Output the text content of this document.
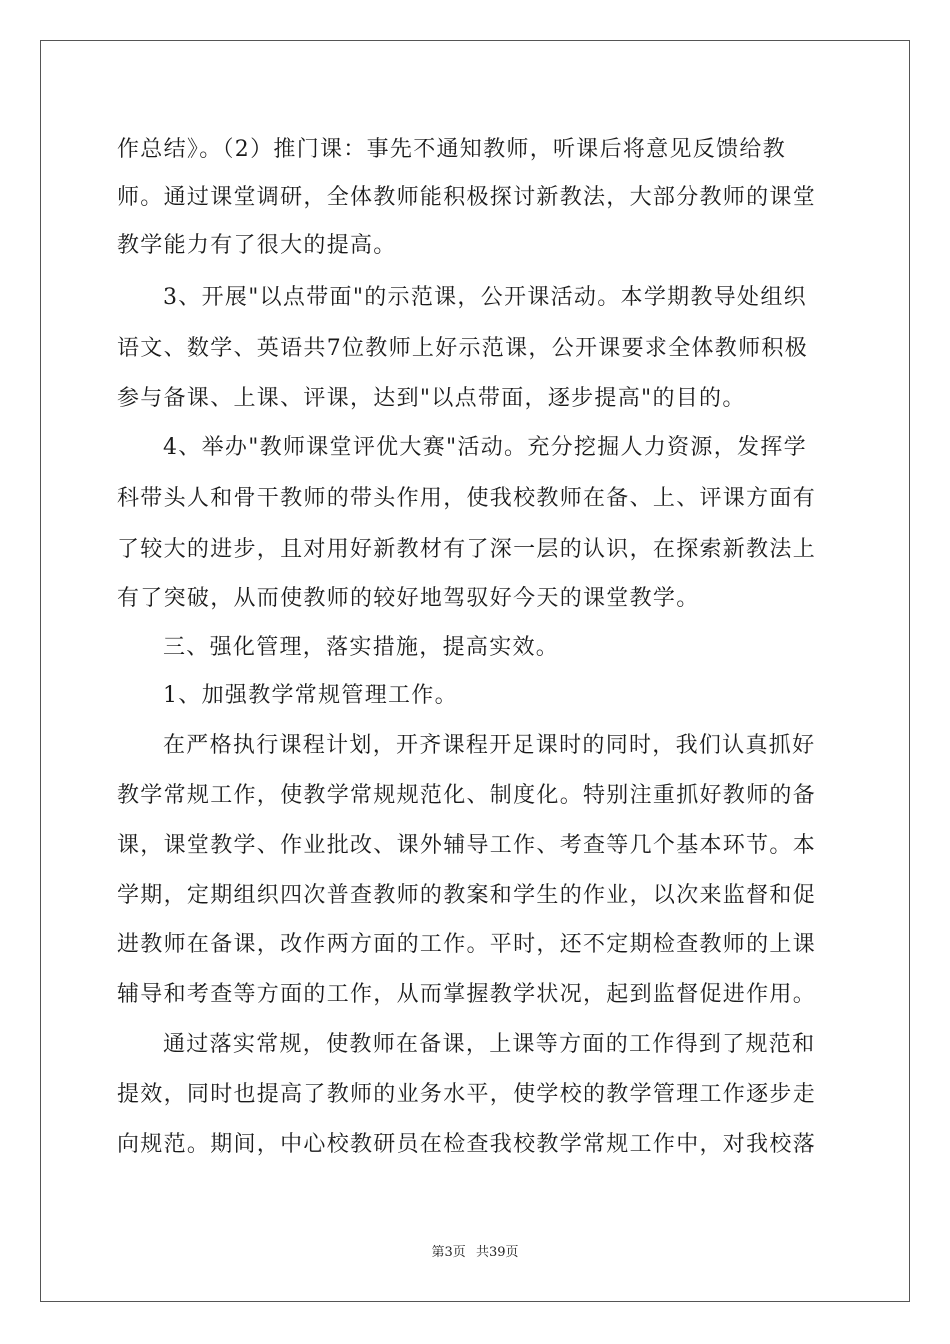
作总结》。（2）推门课：事先不通知教师，听课后将意见反馈给教
师。通过课堂调研，全体教师能积极探讨新教法，大部分教师的课堂
教学能力有了很大的提高。
3、开展"以点带面"的示范课，公开课活动。本学期教导处组织
语文、数学、英语共7位教师上好示范课，公开课要求全体教师积极
参与备课、上课、评课，达到"以点带面，逐步提高"的目的。
4、举办"教师课堂评优大赛"活动。充分挖掘人力资源，发挥学
科带头人和骨干教师的带头作用，使我校教师在备、上、评课方面有
了较大的进步，且对用好新教材有了深一层的认识，在探索新教法上
有了突破，从而使教师的较好地驾驭好今天的课堂教学。
三、强化管理，落实措施，提高实效。
1、加强教学常规管理工作。
在严格执行课程计划，开齐课程开足课时的同时，我们认真抓好
教学常规工作，使教学常规规范化、制度化。特别注重抓好教师的备
课，课堂教学、作业批改、课外辅导工作、考查等几个基本环节。本
学期，定期组织四次普查教师的教案和学生的作业，以次来监督和促
进教师在备课，改作两方面的工作。平时，还不定期检查教师的上课
辅导和考查等方面的工作，从而掌握教学状况，起到监督促进作用。
通过落实常规，使教师在备课，上课等方面的工作得到了规范和
提效，同时也提高了教师的业务水平，使学校的教学管理工作逐步走
向规范。期间，中心校教研员在检查我校教学常规工作中，对我校落
第3页 共39页
